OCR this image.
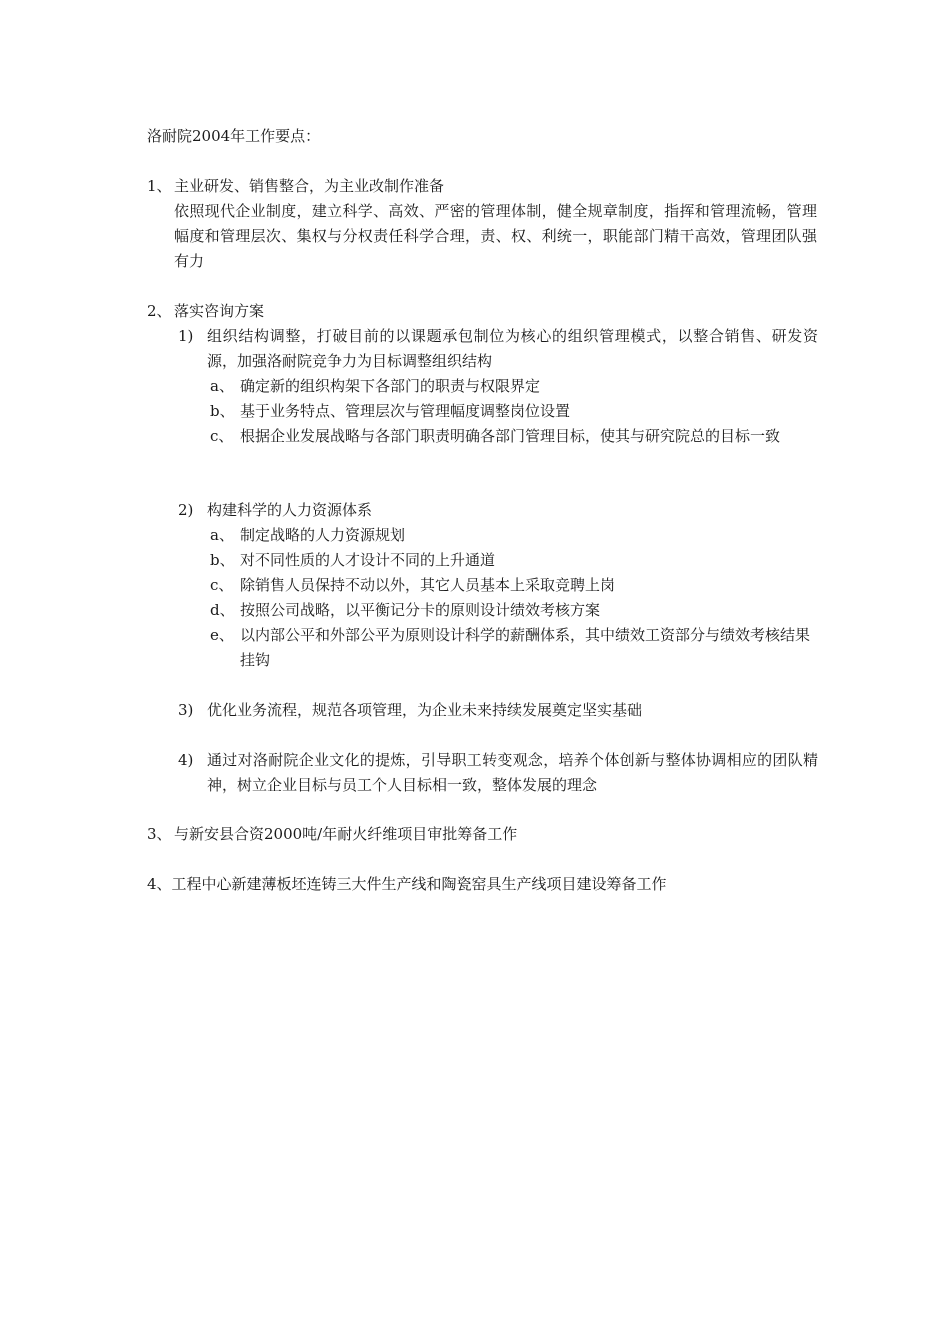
洛耐院2004年工作要点：
1、 主业研发、销售整合，为主业改制作准备
依照现代企业制度，建立科学、高效、严密的管理体制，健全规章制度，指挥和管理流畅，管理幅度和管理层次、集权与分权责任科学合理，责、权、利统一，职能部门精干高效，管理团队强有力
2、 落实咨询方案
1) 组织结构调整，打破目前的以课题承包制位为核心的组织管理模式，以整合销售、研发资源，加强洛耐院竞争力为目标调整组织结构
a、 确定新的组织构架下各部门的职责与权限界定
b、 基于业务特点、管理层次与管理幅度调整岗位设置
c、 根据企业发展战略与各部门职责明确各部门管理目标，使其与研究院总的目标一致
2) 构建科学的人力资源体系
a、 制定战略的人力资源规划
b、 对不同性质的人才设计不同的上升通道
c、 除销售人员保持不动以外，其它人员基本上采取竞聘上岗
d、 按照公司战略，以平衡记分卡的原则设计绩效考核方案
e、 以内部公平和外部公平为原则设计科学的薪酬体系，其中绩效工资部分与绩效考核结果挂钩
3) 优化业务流程，规范各项管理，为企业未来持续发展奠定坚实基础
4) 通过对洛耐院企业文化的提炼，引导职工转变观念，培养个体创新与整体协调相应的团队精神，树立企业目标与员工个人目标相一致，整体发展的理念
3、 与新安县合资2000吨/年耐火纤维项目审批筹备工作
4、工程中心新建薄板坯连铸三大件生产线和陶瓷窑具生产线项目建设筹备工作
